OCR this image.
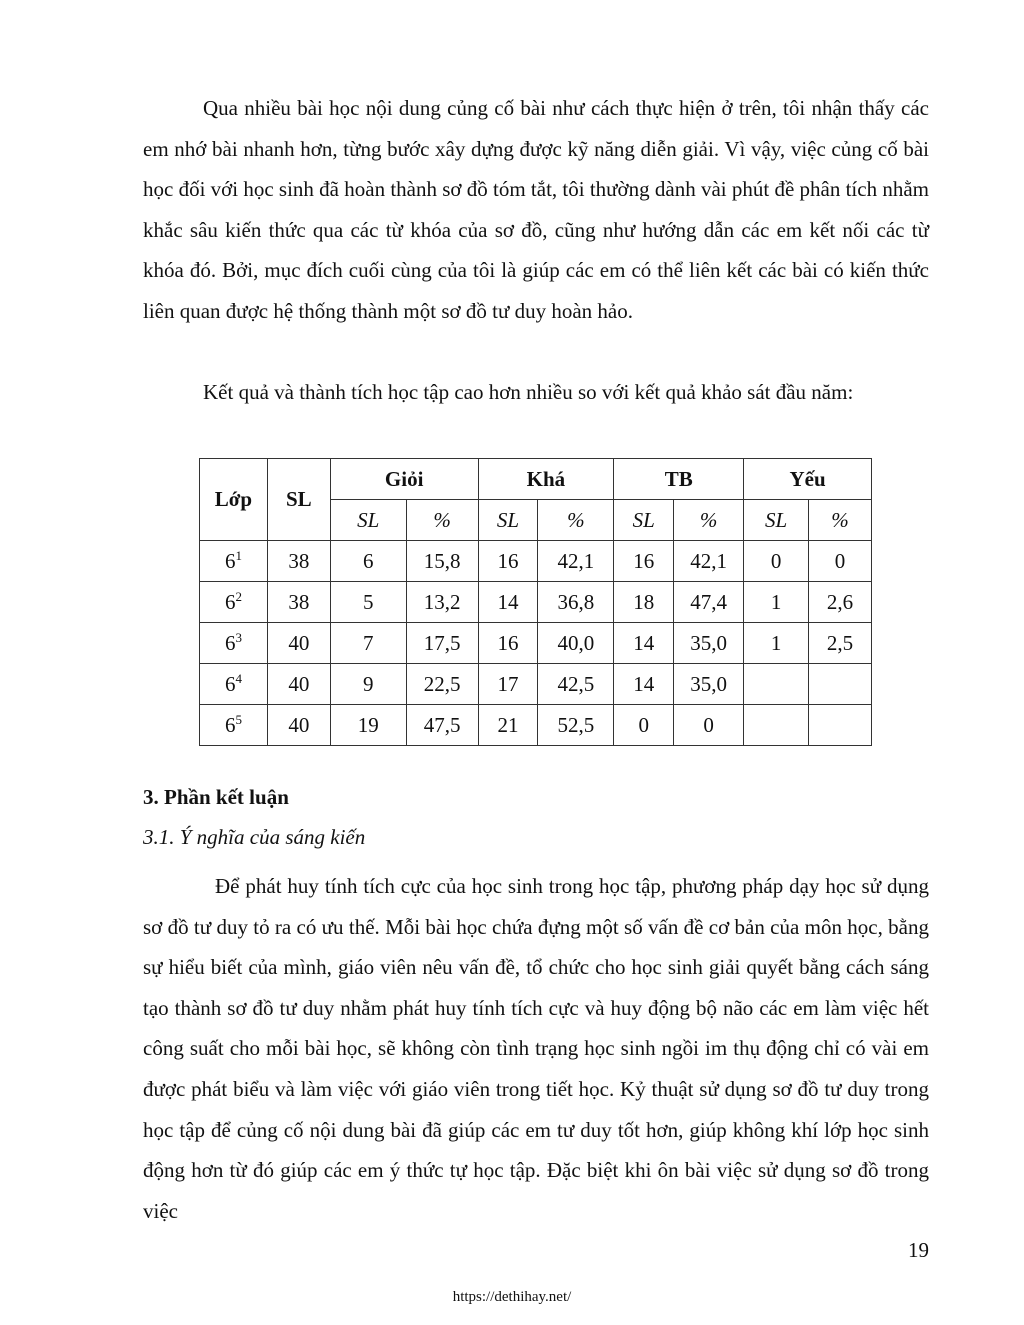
Qua nhiều bài học nội dung củng cố bài như cách thực hiện ở trên, tôi nhận thấy các em nhớ bài nhanh hơn, từng bước xây dựng được kỹ năng diễn giải. Vì vậy, việc củng cố bài học đối với học sinh đã hoàn thành sơ đồ tóm tắt, tôi thường dành vài phút đề phân tích nhằm khắc sâu kiến thức qua các từ khóa của sơ đồ, cũng như hướng dẫn các em kết nối các từ khóa đó. Bởi, mục đích cuối cùng của tôi là giúp các em có thể liên kết các bài có kiến thức liên quan được hệ thống thành một sơ đồ tư duy hoàn hảo.

Kết quả và thành tích học tập cao hơn nhiều so với kết quả khảo sát đầu năm:

Lớp	SL	Giỏi		Khá		TB		Yếu	
		SL	%	SL	%	SL	%	SL	%
$6^1$	38	6	15,8	16	42,1	16	42,1	0	0
$6^2$	38	5	13,2	14	36,8	18	47,4	1	2,6
$6^3$	40	7	17,5	16	40,0	14	35,0	1	2,5
$6^4$	40	9	22,5	17	42,5	14	35,0		
$6^5$	40	19	47,5	21	52,5	0	0		

3. Phần kết luận

3.1. Ý nghĩa của sáng kiến

Để phát huy tính tích cực của học sinh trong học tập, phương pháp dạy học sử dụng sơ đồ tư duy tỏ ra có ưu thế. Mỗi bài học chứa đựng một số vấn đề cơ bản của môn học, bằng sự hiểu biết của mình, giáo viên nêu vấn đề, tổ chức cho học sinh giải quyết bằng cách sáng tạo thành sơ đồ tư duy nhằm phát huy tính tích cực và huy động bộ não các em làm việc hết công suất cho mỗi bài học, sẽ không còn tình trạng học sinh ngồi im thụ động chỉ có vài em được phát biểu và làm việc với giáo viên trong tiết học. Kỷ thuật sử dụng sơ đồ tư duy trong học tập để củng cố nội dung bài đã giúp các em tư duy tốt hơn, giúp không khí lớp học sinh động hơn từ đó giúp các em ý thức tự học tập. Đặc biệt khi ôn bài việc sử dụng sơ đồ trong việc

19
https://dethihay.net/
